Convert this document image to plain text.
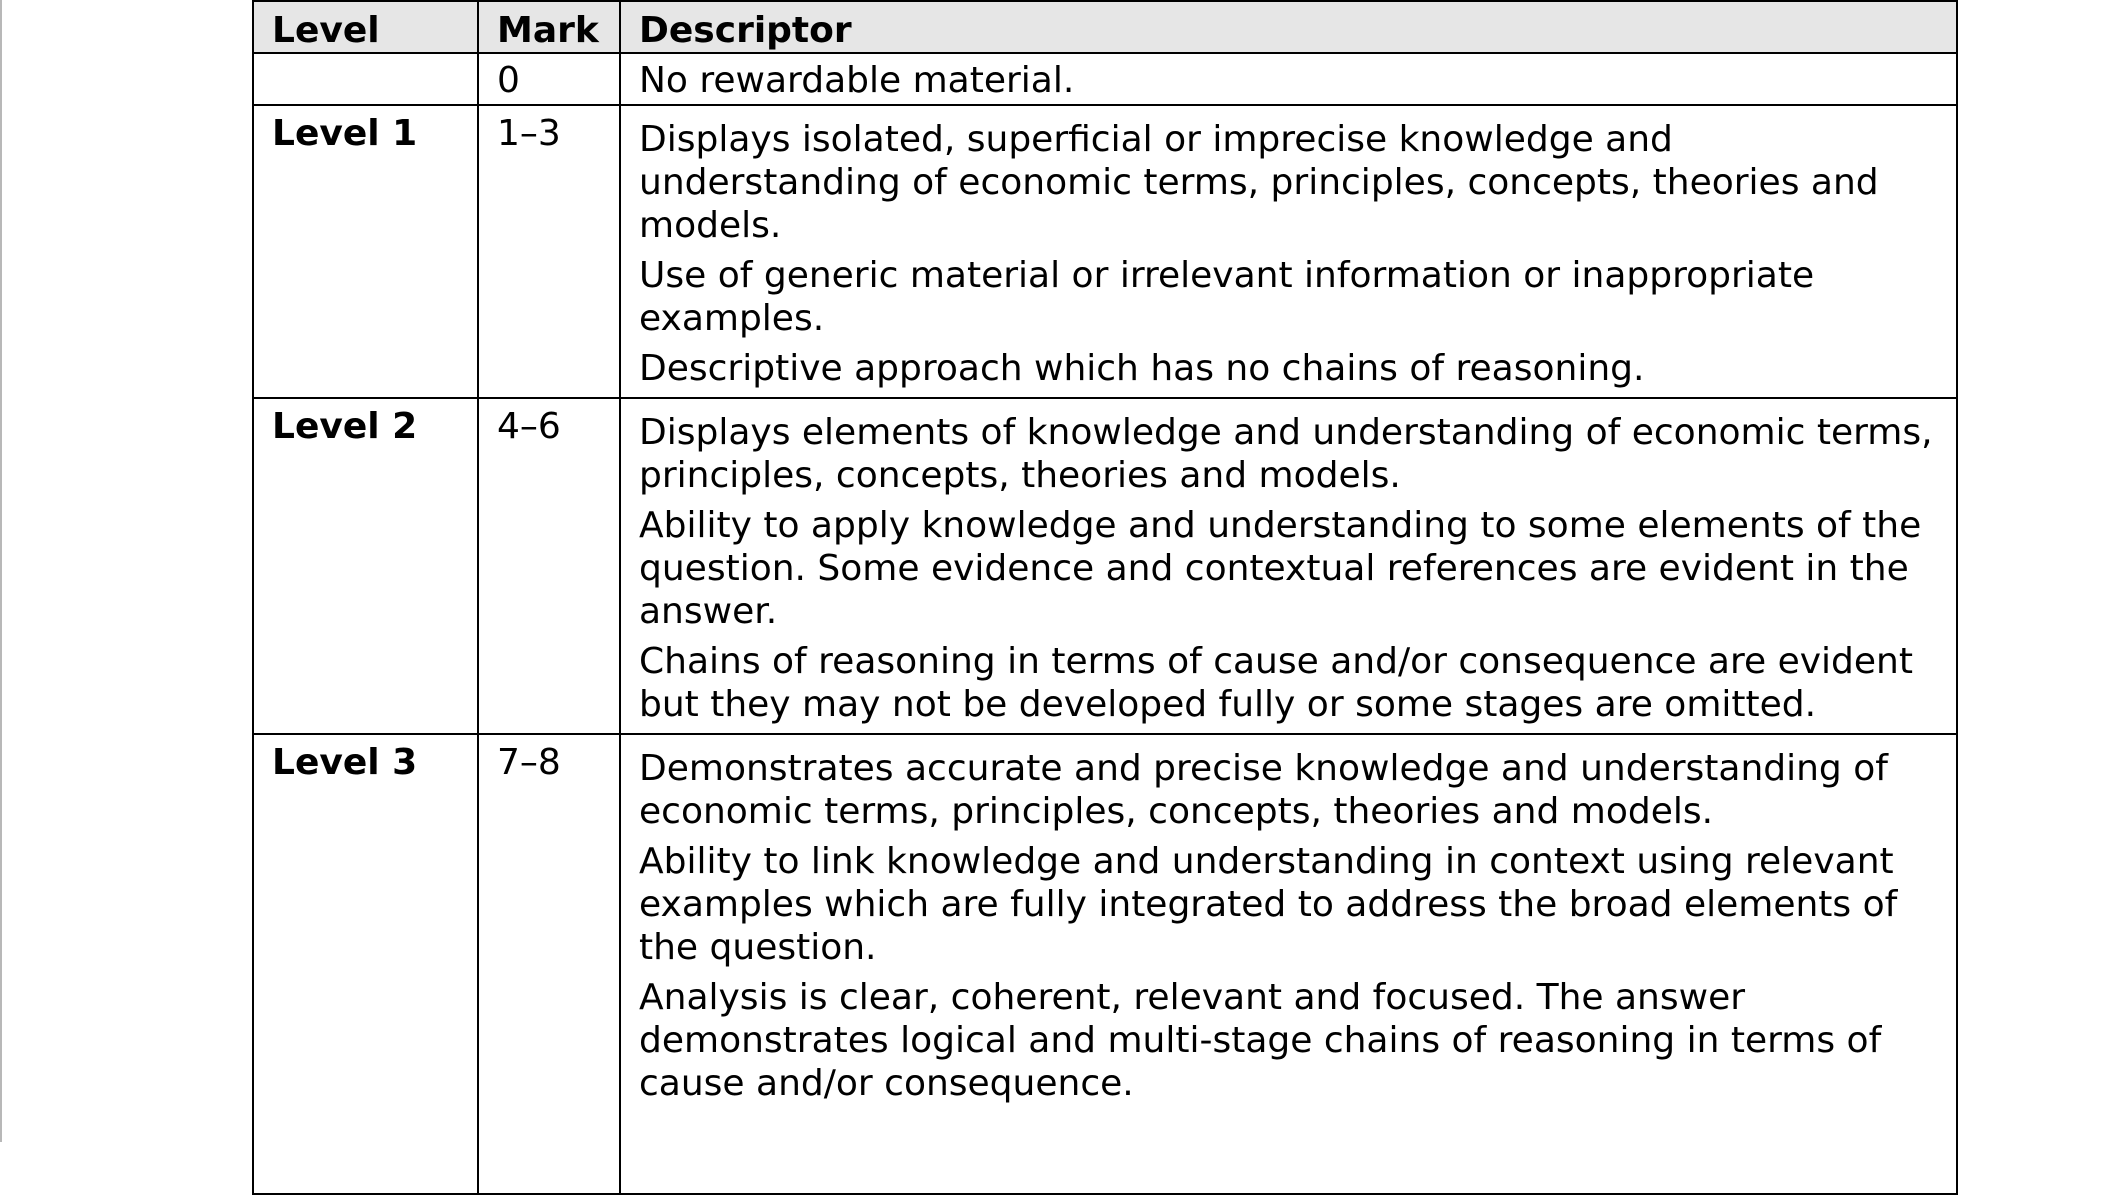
Level	Mark	Descriptor
	0	No rewardable material.
Level 1	1–3	Displays isolated, superficial or imprecise knowledge and understanding of economic terms, principles, concepts, theories and models.

Use of generic material or irrelevant information or inappropriate examples.

Descriptive approach which has no chains of reasoning.

Level 2	4–6	Displays elements of knowledge and understanding of economic terms, principles, concepts, theories and models.

Ability to apply knowledge and understanding to some elements of the question. Some evidence and contextual references are evident in the answer.

Chains of reasoning in terms of cause and/or consequence are evident but they may not be developed fully or some stages are omitted.

Level 3	7–8	Demonstrates accurate and precise knowledge and understanding of economic terms, principles, concepts, theories and models.

Ability to link knowledge and understanding in context using relevant examples which are fully integrated to address the broad elements of the question.

Analysis is clear, coherent, relevant and focused. The answer demonstrates logical and multi-stage chains of reasoning in terms of cause and/or consequence.
